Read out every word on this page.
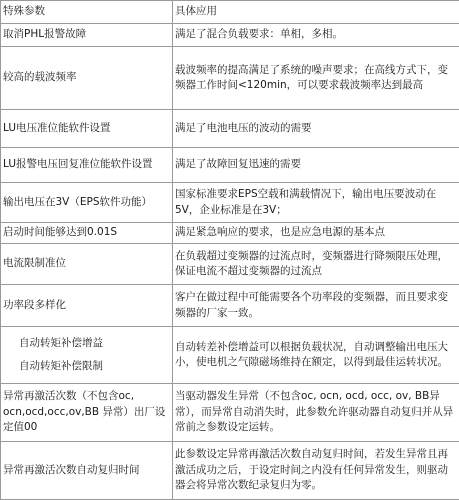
特殊参数	具体应用
取消PHL报警故障	满足了混合负载要求：单相，多相。
较高的载波频率	载波频率的提高满足了系统的噪声要求；在高线方式下，变频器工作时间<120min，可以要求载波频率达到最高
LU电压准位能软件设置	满足了电池电压的波动的需要
LU报警电压回复准位能软件设置	满足了故障回复迅速的需要
输出电压在3V（EPS软件功能）	国家标准要求EPS空载和满载情况下，输出电压要波动在5V，企业标准是在3V；
启动时间能够达到0.01S	满足紧急响应的要求，也是应急电源的基本点
电流限制准位	在负载超过变频器的过流点时，变频器进行降频限压处理，保证电流不超过变频器的过流点
功率段多样化	客户在做过程中可能需要各个功率段的变频器，而且要求变频器的厂家一致。

自动转矩补偿增益
自动转矩补偿限制	自动转差补偿增益可以根据负载状况，自动调整输出电压大小，使电机之气隙磁场维持在额定，以得到最佳运转状况。
异常再激活次数（不包含oc, ocn,ocd,occ,ov,BB 异常）出厂设定值00	当驱动器发生异常（不包含oc, ocn, ocd, occ, ov, BB异常），而异常自动消失时，此参数允许驱动器自动复归并从异常前之参数设定运转。
异常再激活次数自动复归时间	此参数设定异常再激活次数自动复归时间，若发生异常且再激活成功之后，于设定时间之内没有任何异常发生，则驱动器会将异常次数纪录复归为零。
